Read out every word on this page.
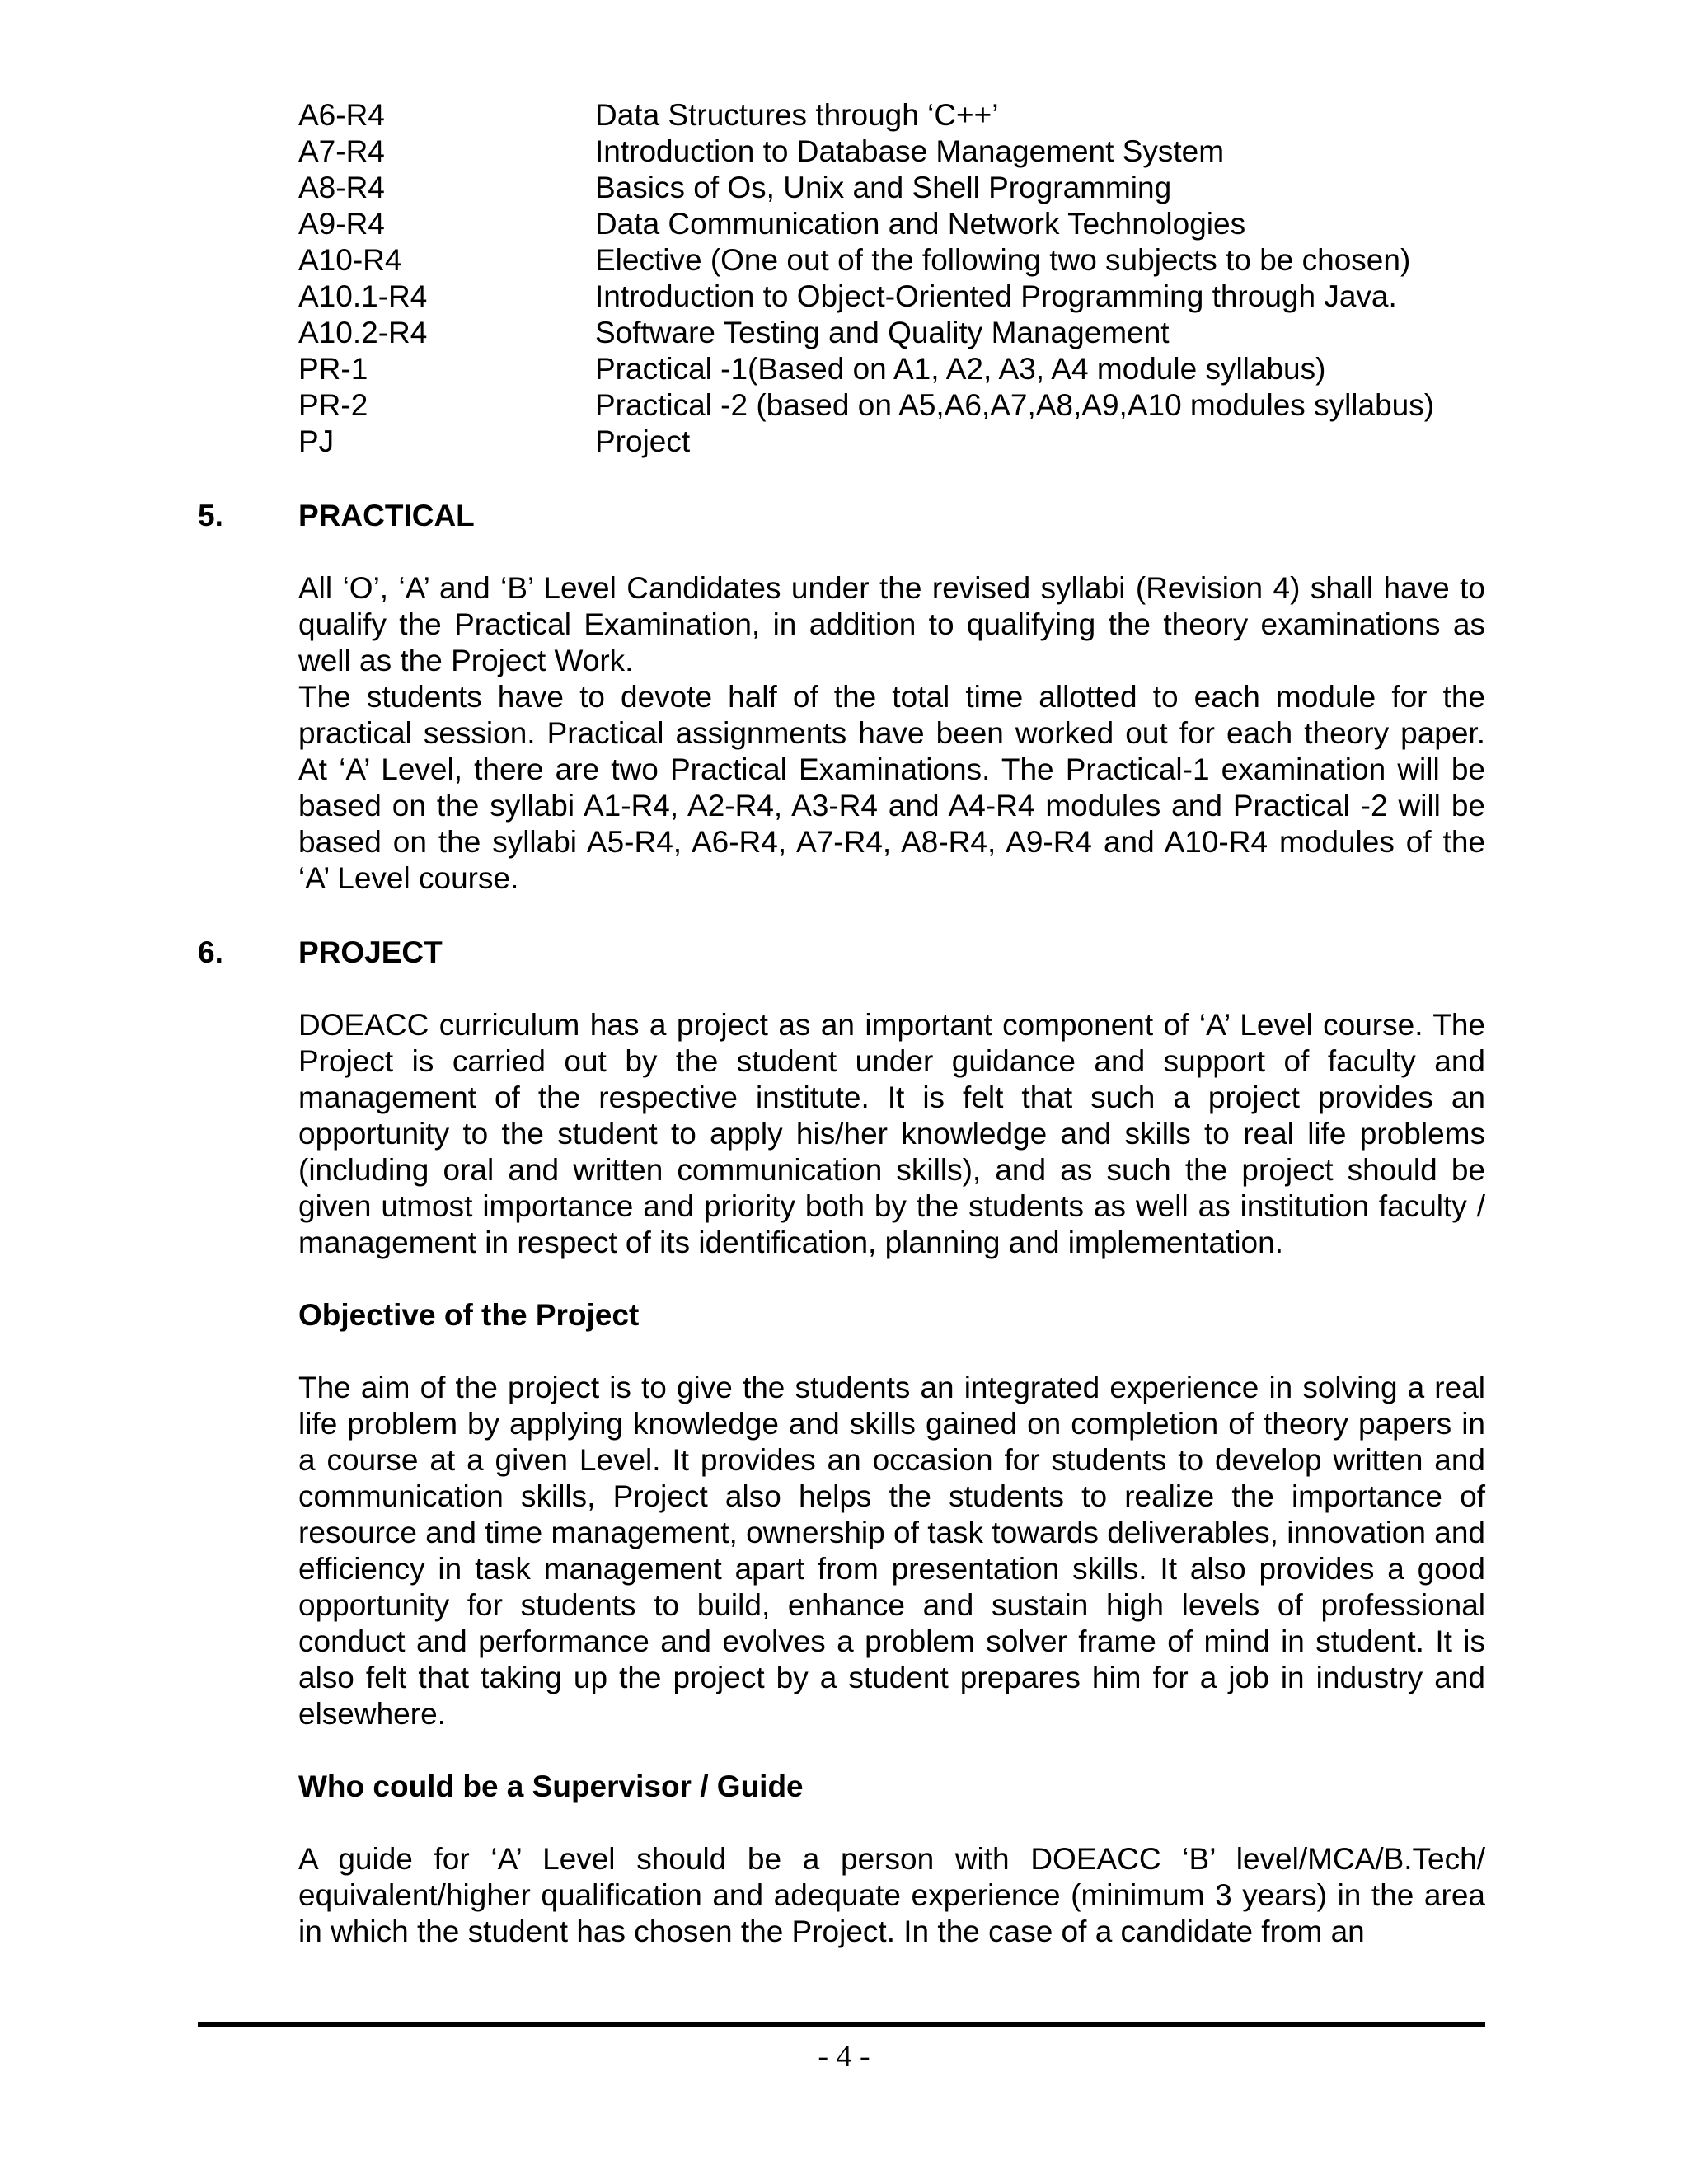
A6-R4	Data Structures through ‘C++’
A7-R4	Introduction to Database Management System
A8-R4	Basics of Os, Unix and Shell Programming
A9-R4	Data Communication and Network Technologies
A10-R4	Elective (One out of the following two subjects to be chosen)
A10.1-R4	Introduction to Object-Oriented Programming through Java.
A10.2-R4	Software Testing and Quality Management
PR-1	Practical -1(Based on A1, A2, A3, A4 module syllabus)
PR-2	Practical -2 (based on A5,A6,A7,A8,A9,A10 modules syllabus)
PJ	Project
5. PRACTICAL

All ‘O’, ‘A’ and ‘B’ Level Candidates under the revised syllabi (Revision 4) shall have to qualify the Practical Examination, in addition to qualifying the theory examinations as well as the Project Work.

The students have to devote half of the total time allotted to each module for the practical session. Practical assignments have been worked out for each theory paper. At ‘A’ Level, there are two Practical Examinations. The Practical-1 examination will be based on the syllabi A1-R4, A2-R4, A3-R4 and A4-R4 modules and Practical -2 will be based on the syllabi A5-R4, A6-R4, A7-R4, A8-R4, A9-R4 and A10-R4 modules of the ‘A’ Level course.

6. PROJECT

DOEACC curriculum has a project as an important component of ‘A’ Level course. The Project is carried out by the student under guidance and support of faculty and management of the respective institute. It is felt that such a project provides an opportunity to the student to apply his/her knowledge and skills to real life problems (including oral and written communication skills), and as such the project should be given utmost importance and priority both by the students as well as institution faculty / management in respect of its identification, planning and implementation.

Objective of the Project

The aim of the project is to give the students an integrated experience in solving a real life problem by applying knowledge and skills gained on completion of theory papers in a course at a given Level. It provides an occasion for students to develop written and communication skills, Project also helps the students to realize the importance of resource and time management, ownership of task towards deliverables, innovation and efficiency in task management apart from presentation skills. It also provides a good opportunity for students to build, enhance and sustain high levels of professional conduct and performance and evolves a problem solver frame of mind in student. It is also felt that taking up the project by a student prepares him for a job in industry and elsewhere.

Who could be a Supervisor / Guide

A guide for ‘A’ Level should be a person with DOEACC ‘B’ level/MCA/B.Tech/ equivalent/higher qualification and adequate experience (minimum 3 years) in the area in which the student has chosen the Project. In the case of a candidate from an

- 4 -
